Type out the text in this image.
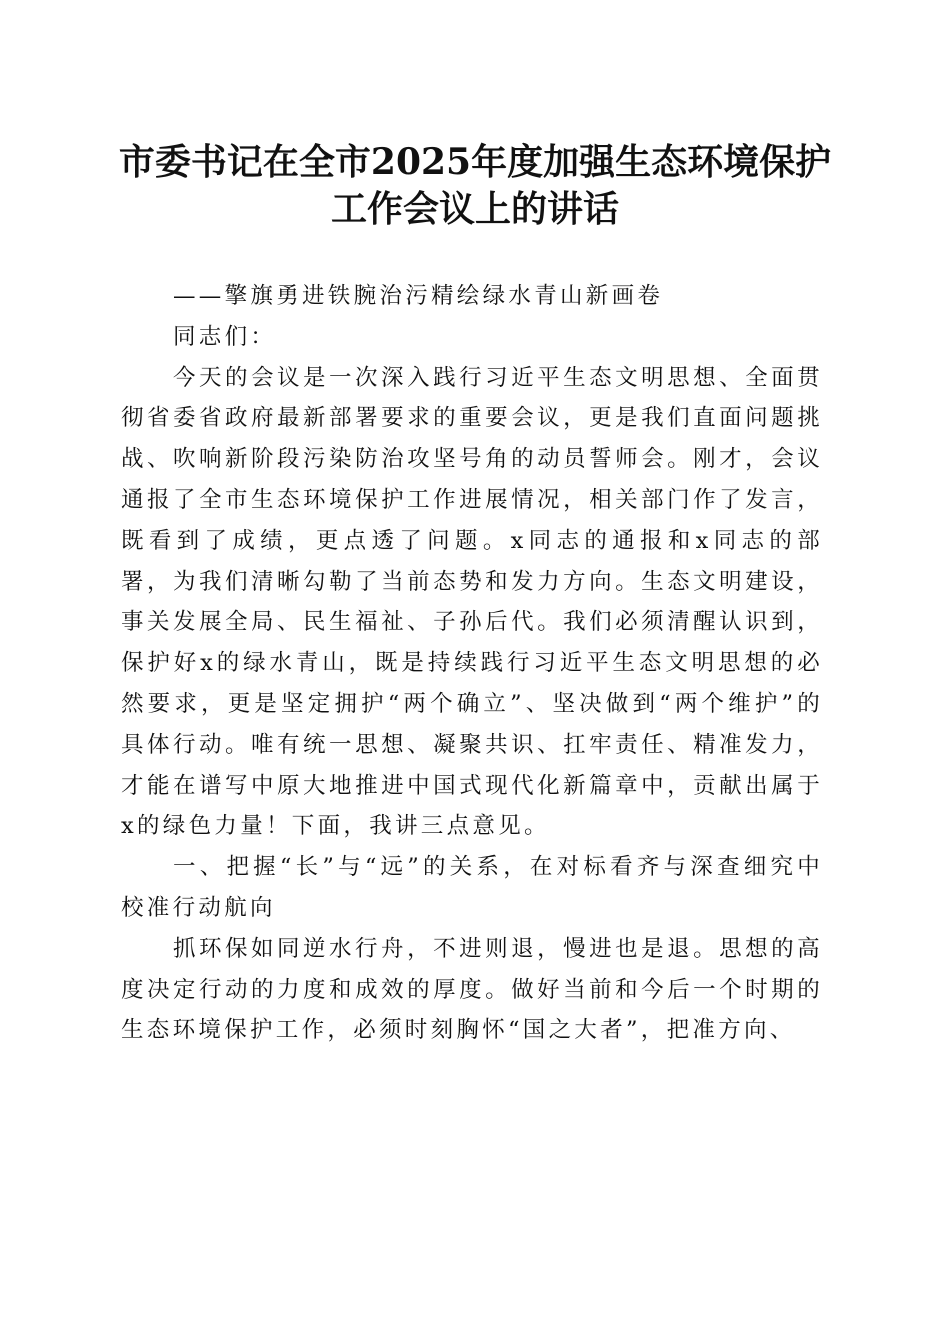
市委书记在全市2025年度加强生态环境保护
工作会议上的讲话

——擎旗勇进铁腕治污精绘绿水青山新画卷

同志们：

今天的会议是一次深入践行习近平生态文明思想、全面贯彻省委省政府最新部署要求的重要会议，更是我们直面问题挑战、吹响新阶段污染防治攻坚号角的动员誓师会。刚才，会议通报了全市生态环境保护工作进展情况，相关部门作了发言，既看到了成绩，更点透了问题。x同志的通报和x同志的部署，为我们清晰勾勒了当前态势和发力方向。生态文明建设，事关发展全局、民生福祉、子孙后代。我们必须清醒认识到，保护好x的绿水青山，既是持续践行习近平生态文明思想的必然要求，更是坚定拥护“两个确立”、坚决做到“两个维护”的具体行动。唯有统一思想、凝聚共识、扛牢责任、精准发力，才能在谱写中原大地推进中国式现代化新篇章中，贡献出属于x的绿色力量！下面，我讲三点意见。

一、把握“长”与“远”的关系，在对标看齐与深查细究中校准行动航向

抓环保如同逆水行舟，不进则退，慢进也是退。思想的高度决定行动的力度和成效的厚度。做好当前和今后一个时期的生态环境保护工作，必须时刻胸怀“国之大者”，把准方向、
